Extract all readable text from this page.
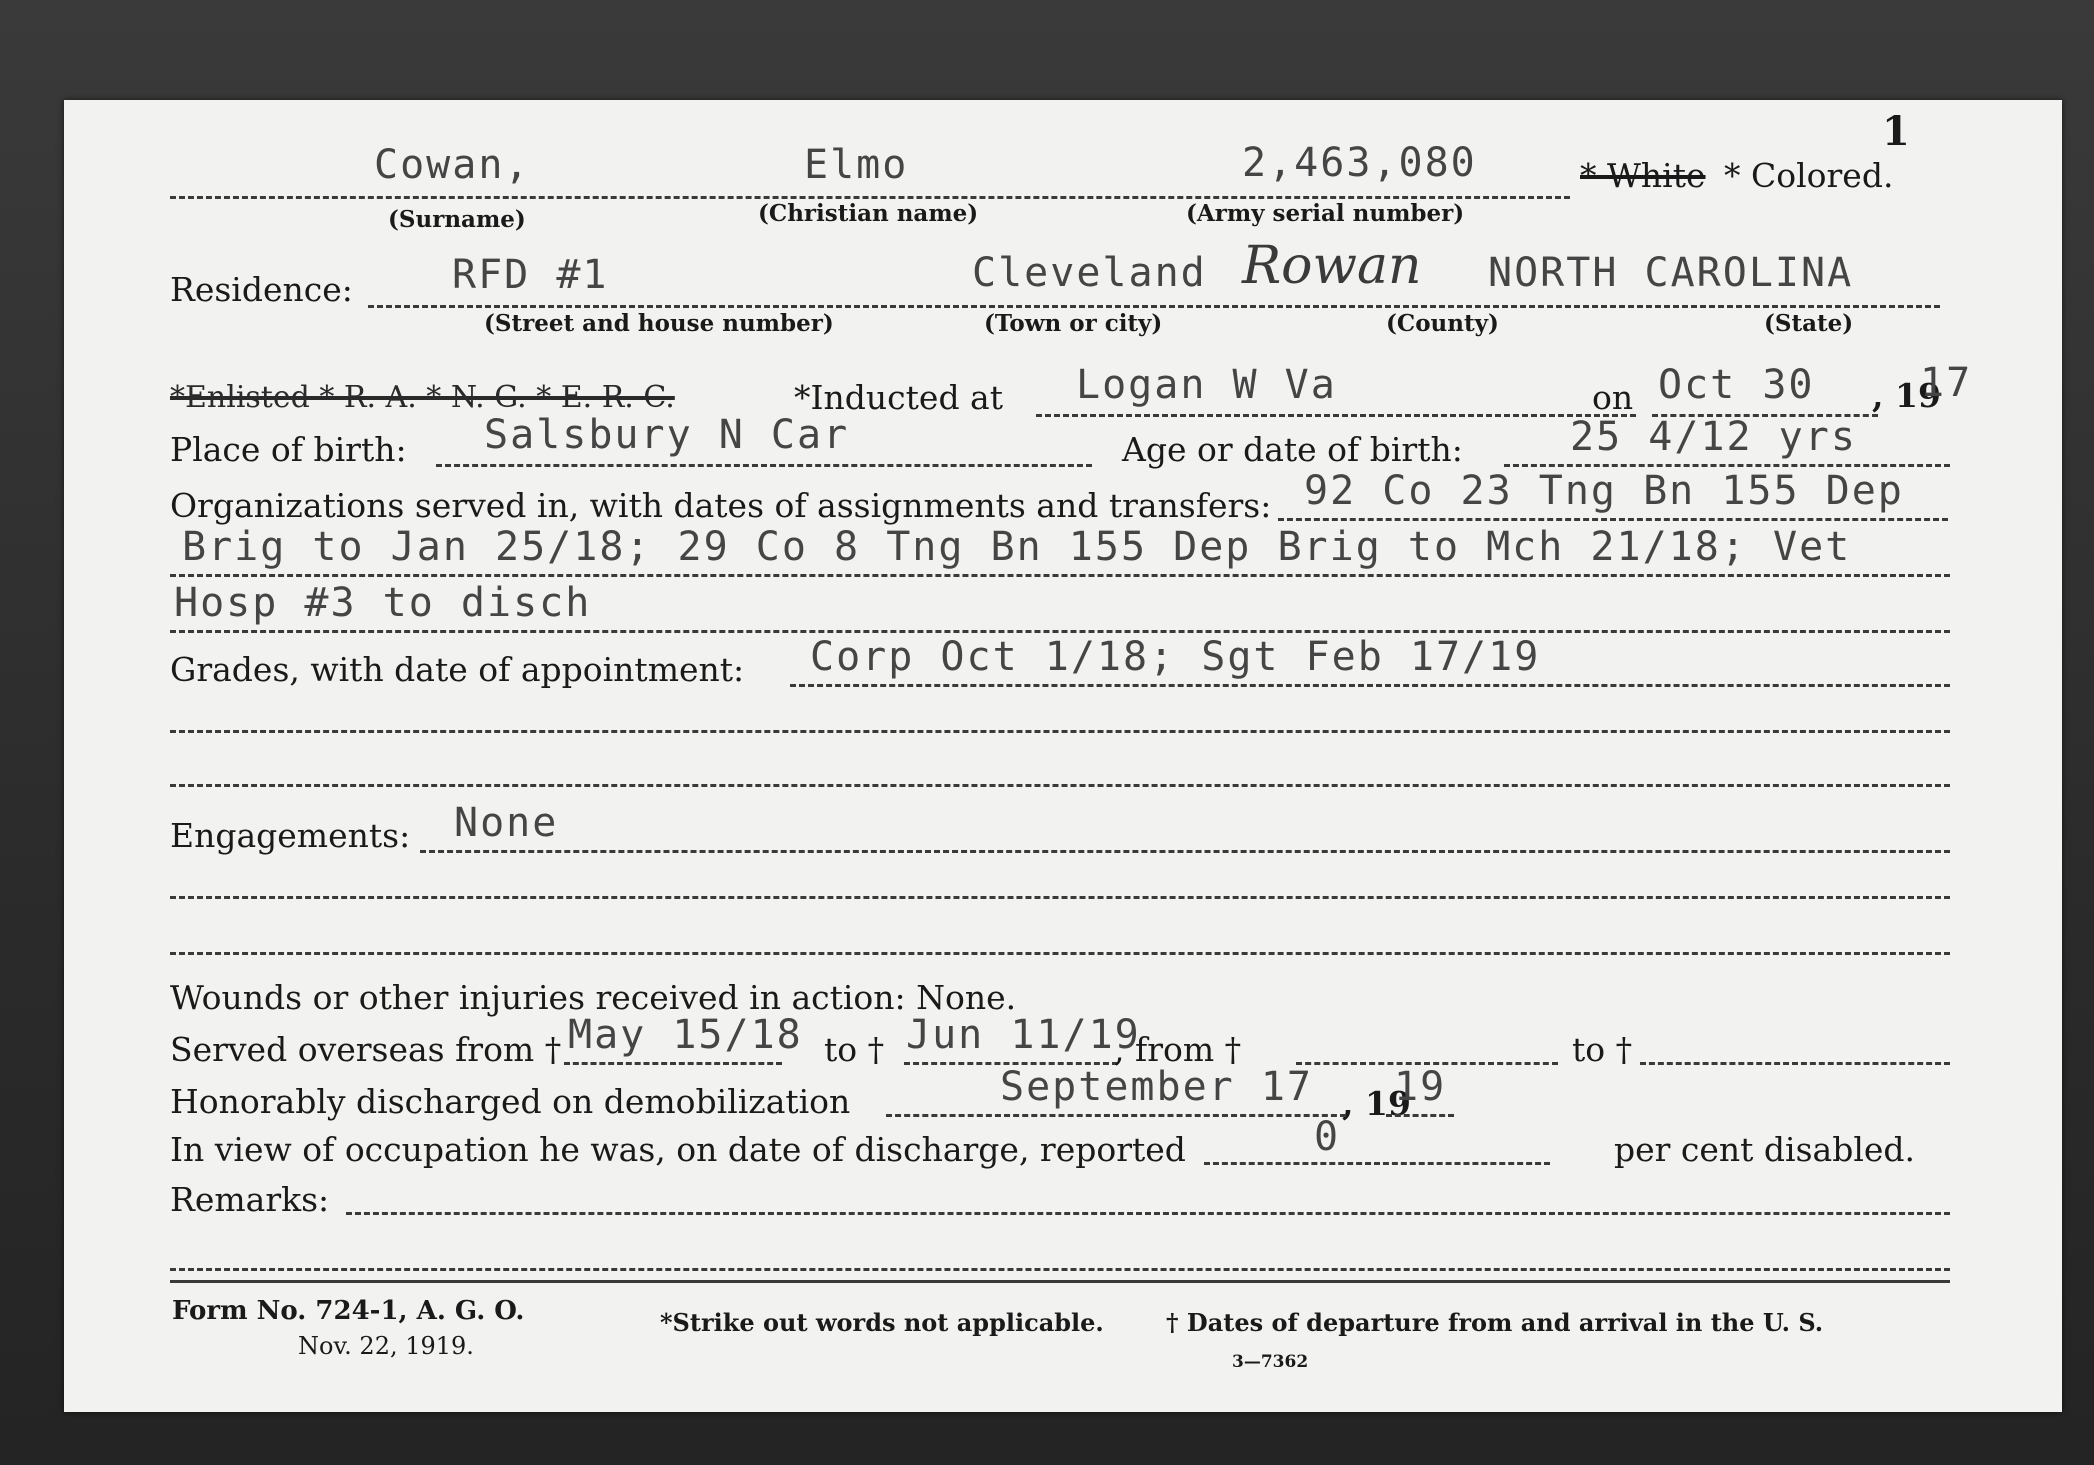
1
Cowan,	Elmo	2,463,080	* White * Colored.
(Surname)	(Christian name)	(Army serial number)
Residence: RFD #1	Cleveland Rowan NORTH CAROLINA
(Street and house number)	(Town or city)	(County)	(State)
*Enlisted * R. A. * N. G. * E. R. C.	*Inducted at Logan W Va	on Oct 30 , 19
17
Place of birth: Salsbury N Car	Age or date of birth:	25 4/12 yrs
Organizations served in, with dates of assignments and transfers: 92 Co 23 Tng Bn 155 Dep
Brig to Jan 25/18; 29 Co 8 Tng Bn 155 Dep Brig to Mch 21/18; Vet
Hosp #3 to disch
Grades, with date of appointment: Corp Oct 1/18; Sgt Feb 17/19
Engagements: None
Wounds or other injuries received in action: None.
Served overseas from † May 15/18 to † Jun 11/19
, from †	to †
Honorably discharged on demobilization	September 17 , 19
19
In view of occupation he was, on date of discharge, reported	0	per cent disabled.
Remarks:
Form No. 724-1, A. G. O.
Nov. 22, 1919.
*Strike out words not applicable.	† Dates of departure from and arrival in the U. S.
3—7362
